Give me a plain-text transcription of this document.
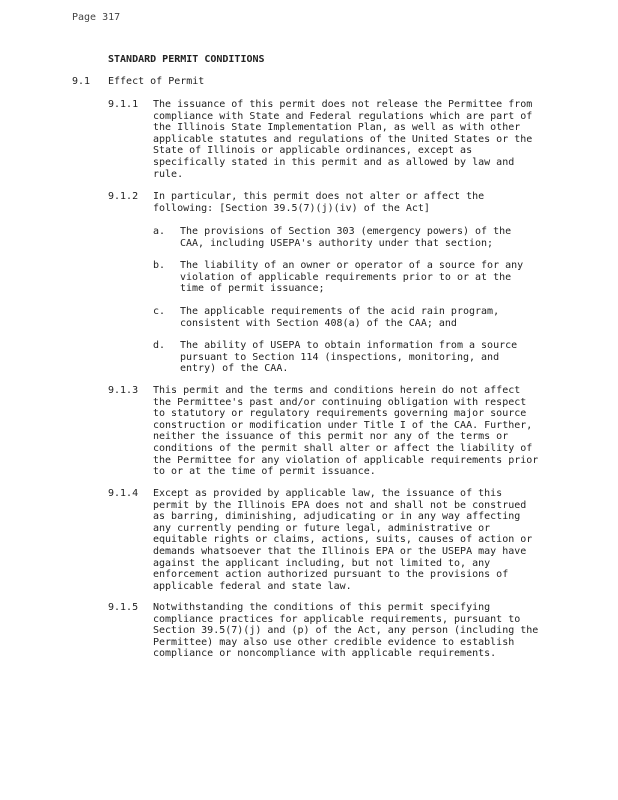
Page 317
STANDARD PERMIT CONDITIONS
9.1 Effect of Permit
9.1.1 The issuance of this permit does not release the Permittee from
compliance with State and Federal regulations which are part of
the Illinois State Implementation Plan, as well as with other
applicable statutes and regulations of the United States or the
State of Illinois or applicable ordinances, except as
specifically stated in this permit and as allowed by law and
rule.
9.1.2 In particular, this permit does not alter or affect the
following: [Section 39.5(7)(j)(iv) of the Act]
a. The provisions of Section 303 (emergency powers) of the
CAA, including USEPA's authority under that section;
b. The liability of an owner or operator of a source for any
violation of applicable requirements prior to or at the
time of permit issuance;
c. The applicable requirements of the acid rain program,
consistent with Section 408(a) of the CAA; and
d. The ability of USEPA to obtain information from a source
pursuant to Section 114 (inspections, monitoring, and
entry) of the CAA.
9.1.3 This permit and the terms and conditions herein do not affect
the Permittee's past and/or continuing obligation with respect
to statutory or regulatory requirements governing major source
construction or modification under Title I of the CAA. Further,
neither the issuance of this permit nor any of the terms or
conditions of the permit shall alter or affect the liability of
the Permittee for any violation of applicable requirements prior
to or at the time of permit issuance.
9.1.4 Except as provided by applicable law, the issuance of this
permit by the Illinois EPA does not and shall not be construed
as barring, diminishing, adjudicating or in any way affecting
any currently pending or future legal, administrative or
equitable rights or claims, actions, suits, causes of action or
demands whatsoever that the Illinois EPA or the USEPA may have
against the applicant including, but not limited to, any
enforcement action authorized pursuant to the provisions of
applicable federal and state law.
9.1.5 Notwithstanding the conditions of this permit specifying
compliance practices for applicable requirements, pursuant to
Section 39.5(7)(j) and (p) of the Act, any person (including the
Permittee) may also use other credible evidence to establish
compliance or noncompliance with applicable requirements.
